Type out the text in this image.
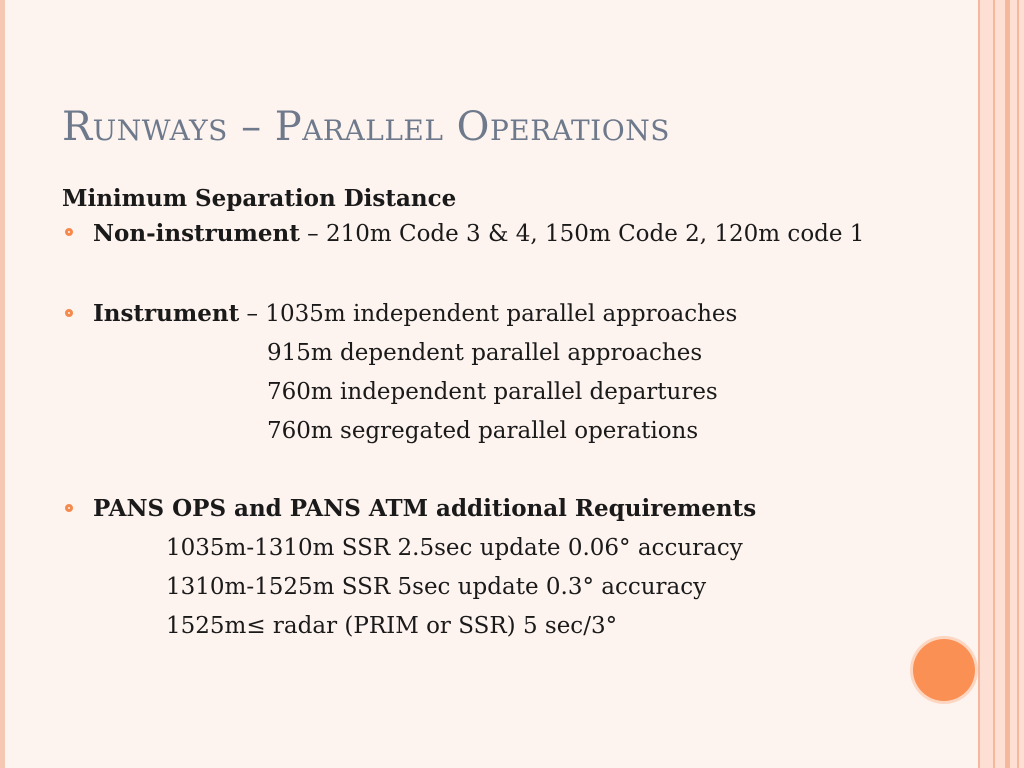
Runways – Parallel Operations

Minimum Separation Distance

Non-instrument – 210m Code 3 & 4, 150m Code 2, 120m code 1
Instrument – 1035m independent parallel approaches
915m dependent parallel approaches
760m independent parallel departures
760m segregated parallel operations
PANS OPS and PANS ATM additional Requirements
1035m-1310m SSR 2.5sec update 0.06° accuracy
1310m-1525m SSR 5sec update 0.3° accuracy
1525m≤ radar (PRIM or SSR) 5 sec/3°
